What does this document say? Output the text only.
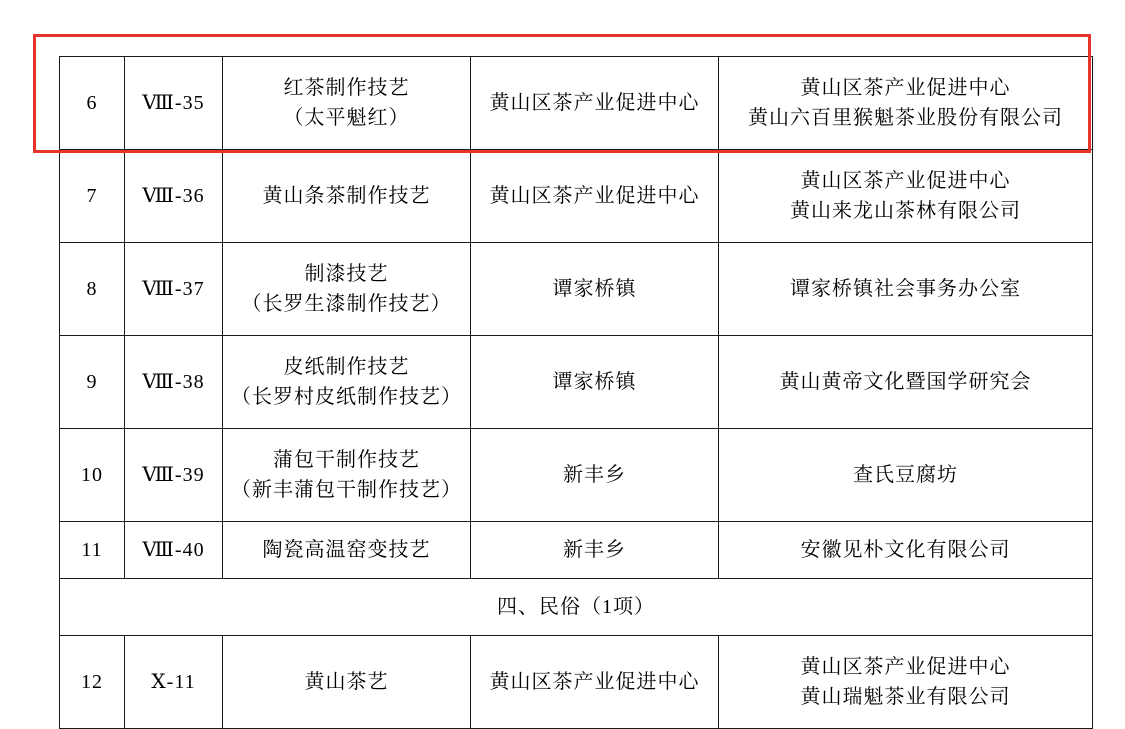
6	Ⅷ-35	红茶制作技艺
（太平魁红）	黄山区茶产业促进中心	黄山区茶产业促进中心
黄山六百里猴魁茶业股份有限公司

7	Ⅷ-36	黄山条茶制作技艺	黄山区茶产业促进中心	黄山区茶产业促进中心
黄山来龙山茶林有限公司

8	Ⅷ-37	制漆技艺
（长罗生漆制作技艺）	谭家桥镇	谭家桥镇社会事务办公室

9	Ⅷ-38	皮纸制作技艺
（长罗村皮纸制作技艺）	谭家桥镇	黄山黄帝文化暨国学研究会

10	Ⅷ-39	蒲包干制作技艺
（新丰蒲包干制作技艺）	新丰乡	查氏豆腐坊

11	Ⅷ-40	陶瓷高温窑变技艺	新丰乡	安徽见朴文化有限公司

四、民俗（1项）				
12	Ⅹ-11	黄山茶艺	黄山区茶产业促进中心	黄山区茶产业促进中心
黄山瑞魁茶业有限公司
